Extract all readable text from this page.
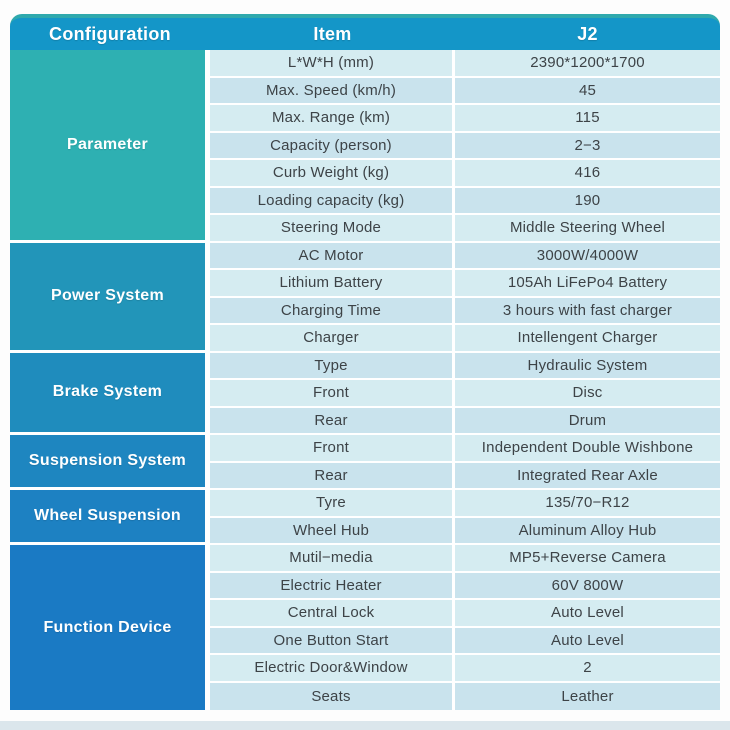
Configuration	Item	J2
Parameter
L*W*H (mm)	2390*1200*1700
Max. Speed (km/h)	45
Max. Range (km)	115
Capacity (person)	2−3
Curb Weight (kg)	416
Loading capacity (kg)	190
Steering Mode	Middle Steering Wheel
Power System
AC Motor	3000W/4000W
Lithium Battery	105Ah LiFePo4 Battery
Charging Time	3 hours with fast charger
Charger	Intellengent Charger
Brake System
Type	Hydraulic System
Front	Disc
Rear	Drum
Suspension System
Front	Independent Double Wishbone
Rear	Integrated Rear Axle
Wheel Suspension
Tyre	135/70−R12
Wheel Hub	Aluminum Alloy Hub
Function Device
Mutil−media	MP5+Reverse Camera
Electric Heater	60V 800W
Central Lock	Auto Level
One Button Start	Auto Level
Electric Door&Window	2
Seats	Leather
